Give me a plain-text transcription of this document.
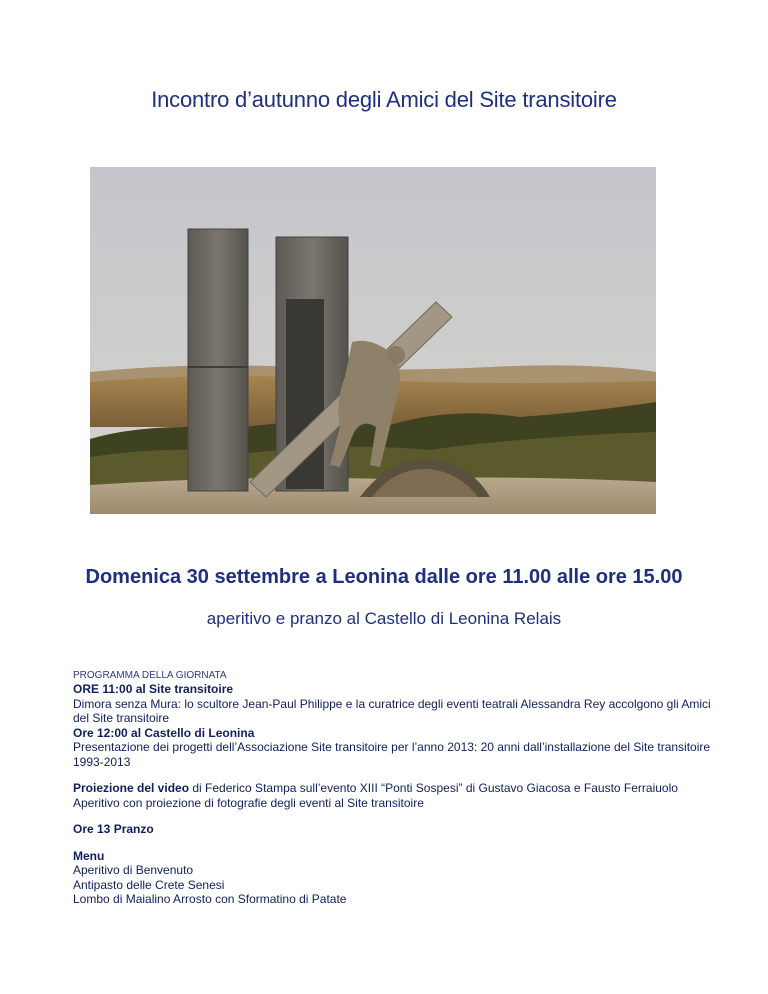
Incontro d’autunno degli Amici del Site transitoire
Domenica 30 settembre a Leonina dalle ore 11.00 alle ore 15.00
aperitivo e pranzo al Castello di Leonina Relais
PROGRAMMA DELLA GIORNATA
ORE 11:00 al Site transitoire
Dimora senza Mura: lo scultore Jean-Paul Philippe e la curatrice degli eventi teatrali Alessandra Rey accolgono gli Amici del Site transitoire
Ore 12:00 al Castello di Leonina
Presentazione dei progetti dell’Associazione Site transitoire per l’anno 2013: 20 anni dall’installazione del Site transitoire 1993-2013
Proiezione del video di Federico Stampa sull’evento XIII “Ponti Sospesi” di Gustavo Giacosa e Fausto Ferraiuolo
Aperitivo con proiezione di fotografie degli eventi al Site transitoire
Ore 13 Pranzo
Menu
Aperitivo di Benvenuto
Antipasto delle Crete Senesi
Lombo di Maialino Arrosto con Sformatino di Patate
